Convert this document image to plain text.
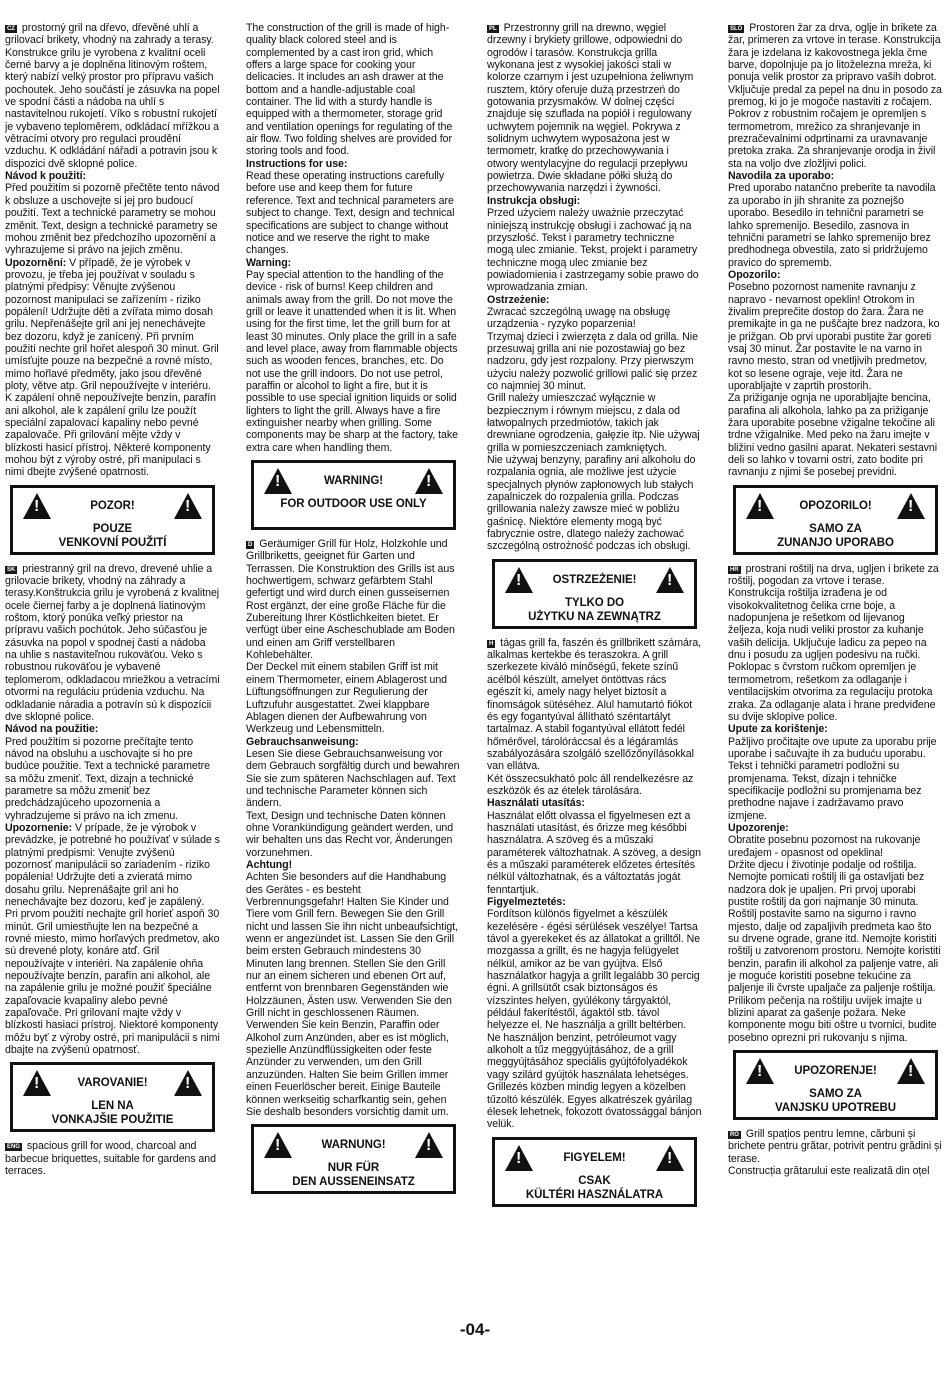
CZ prostorný gril na dřevo, dřevěné uhlí a grilovací brikety, vhodný na zahrady a terasy. Konstrukce grilu je vyrobena z kvalitní oceli černé barvy a je doplněna litinovým roštem, který nabízí velký prostor pro přípravu vašich pochoutek. Jeho součástí je zásuvka na popel ve spodní části a nádoba na uhlí s nastavitelnou rukojetí. Víko s robustní rukojetí je vybaveno teploměrem, odkládací mřížkou a větracími otvory pro regulaci proudění vzduchu. K odkládání nářadí a potravin jsou k dispozici dvě sklopné police.

Návod k použití:

Před použitím si pozorně přečtěte tento návod k obsluze a uschovejte si jej pro budoucí použití. Text a technické parametry se mohou změnit. Text, design a technické parametry se mohou změnit bez předchozího upozornění a vyhrazujeme si právo na jejich změnu.

Upozornění: V případě, že je výrobek v provozu, je třeba jej používat v souladu s platnými předpisy: Věnujte zvýšenou pozornost manipulaci se zařízením - riziko popálení! Udržujte děti a zvířata mimo dosah grilu. Nepřenášejte gril ani jej nenechávejte bez dozoru, když je zanícený. Při prvním použití nechte gril hořet alespoň 30 minut. Gril umísťujte pouze na bezpečné a rovné místo, mimo hořlavé předměty, jako jsou dřevěné ploty, větve atp. Gril nepoužívejte v interiéru. K zapálení ohně nepoužívejte benzín, parafín ani alkohol, ale k zapálení grilu lze použít speciální zapalovací kapaliny nebo pevné zapalovače. Při grilování mějte vždy v blízkosti hasicí přístroj. Některé komponenty mohou být z výroby ostré, při manipulaci s nimi dbejte zvýšené opatrnosti.

!
!
POZOR!
POUZE
VENKOVNÍ POUŽITÍ

SK priestranný gril na drevo, drevené uhlie a grilovacie brikety, vhodný na záhrady a terasy.Konštrukcia grilu je vyrobená z kvalitnej ocele čiernej farby a je doplnená liatinovým roštom, ktorý ponúka veľký priestor na prípravu vašich pochútok. Jeho súčasťou je zásuvka na popol v spodnej časti a nádoba na uhlie s nastaviteľnou rukoväťou. Veko s robustnou rukoväťou je vybavené teplomerom, odkladacou mriežkou a vetracími otvormi na reguláciu prúdenia vzduchu. Na odkladanie náradia a potravín sú k dispozícii dve sklopné police.

Návod na použitie:

Pred použitím si pozorne prečítajte tento návod na obsluhu a uschovajte si ho pre budúce použitie. Text a technické parametre sa môžu zmeniť. Text, dizajn a technické parametre sa môžu zmeniť bez predchádzajúceho upozornenia a vyhradzujeme si právo na ich zmenu.

Upozornenie: V prípade, že je výrobok v prevádzke, je potrebné ho používať v súlade s platnými predpismi: Venujte zvýšenú pozornosť manipulácii so zariadením - riziko popálenia! Udržujte deti a zvieratá mimo dosahu grilu. Neprenášajte gril ani ho nenechávajte bez dozoru, keď je zapálený. Pri prvom použití nechajte gril horieť aspoň 30 minút. Gril umiestňujte len na bezpečné a rovné miesto, mimo horľavých predmetov, ako sú drevené ploty, konáre atď. Gril nepoužívajte v interiéri. Na zapálenie ohňa nepoužívajte benzín, parafín ani alkohol, ale na zapálenie grilu je možné použiť špeciálne zapaľovacie kvapaliny alebo pevné zapaľovače. Pri grilovaní majte vždy v blízkosti hasiaci prístroj. Niektoré komponenty môžu byť z výroby ostré, pri manipulácii s nimi dbajte na zvýšenú opatrnosť.

!
!
VAROVANIE!
LEN NA
VONKAJŠIE POUŽITIE

ENG spacious grill for wood, charcoal and barbecue briquettes, suitable for gardens and terraces.

The construction of the grill is made of high-quality black colored steel and is complemented by a cast iron grid, which offers a large space for cooking your delicacies. It includes an ash drawer at the bottom and a handle-adjustable coal container. The lid with a sturdy handle is equipped with a thermometer, storage grid and ventilation openings for regulating of the air flow. Two folding shelves are provided for storing tools and food.

Instructions for use:

Read these operating instructions carefully before use and keep them for future reference. Text and technical parameters are subject to change. Text, design and technical specifications are subject to change without notice and we reserve the right to make changes.

Warning:

Pay special attention to the handling of the device - risk of burns! Keep children and animals away from the grill. Do not move the grill or leave it unattended when it is lit. When using for the first time, let the grill burn for at least 30 minutes. Only place the grill in a safe and level place, away from flammable objects such as wooden fences, branches, etc. Do not use the grill indoors. Do not use petrol, paraffin or alcohol to light a fire, but it is possible to use special ignition liquids or solid lighters to light the grill. Always have a fire extinguisher nearby when grilling. Some components may be sharp at the factory, take extra care when handling them.

!
!
WARNING!
FOR OUTDOOR USE ONLY

D Geräumiger Grill für Holz, Holzkohle und Grillbriketts, geeignet für Garten und Terrassen. Die Konstruktion des Grills ist aus hochwertigem, schwarz gefärbtem Stahl gefertigt und wird durch einen gusseisernen Rost ergänzt, der eine große Fläche für die Zubereitung Ihrer Köstlichkeiten bietet. Er verfügt über eine Ascheschublade am Boden und einen am Griff verstellbaren Kohlebehälter.

Der Deckel mit einem stabilen Griff ist mit einem Thermometer, einem Ablagerost und Lüftungsöffnungen zur Regulierung der Luftzufuhr ausgestattet. Zwei klappbare Ablagen dienen der Aufbewahrung von Werkzeug und Lebensmitteln.

Gebrauchsanweisung:

Lesen Sie diese Gebrauchsanweisung vor dem Gebrauch sorgfältig durch und bewahren Sie sie zum späteren Nachschlagen auf. Text und technische Parameter können sich ändern.

Text, Design und technische Daten können ohne Vorankündigung geändert werden, und wir behalten uns das Recht vor, Änderungen vorzunehmen.

Achtung!

Achten Sie besonders auf die Handhabung des Gerätes - es besteht Verbrennungsgefahr! Halten Sie Kinder und Tiere vom Grill fern. Bewegen Sie den Grill nicht und lassen Sie ihn nicht unbeaufsichtigt, wenn er angezündet ist. Lassen Sie den Grill beim ersten Gebrauch mindestens 30 Minuten lang brennen. Stellen Sie den Grill nur an einem sicheren und ebenen Ort auf, entfernt von brennbaren Gegenständen wie Holzzäunen, Ästen usw. Verwenden Sie den Grill nicht in geschlossenen Räumen. Verwenden Sie kein Benzin, Paraffin oder Alkohol zum Anzünden, aber es ist möglich, spezielle Anzündflüssigkeiten oder feste Anzünder zu verwenden, um den Grill anzuzünden. Halten Sie beim Grillen immer einen Feuerlöscher bereit. Einige Bauteile können werkseitig scharfkantig sein, gehen Sie deshalb besonders vorsichtig damit um.

!
!
WARNUNG!
NUR FÜR
DEN AUSSENEINSATZ

PL Przestronny grill na drewno, węgiel drzewny i brykiety grillowe, odpowiedni do ogrodów i tarasów. Konstrukcja grilla wykonana jest z wysokiej jakości stali w kolorze czarnym i jest uzupełniona żeliwnym rusztem, który oferuje dużą przestrzeń do gotowania przysmaków. W dolnej części znajduje się szuflada na popiół i regulowany uchwytem pojemnik na węgiel. Pokrywa z solidnym uchwytem wyposażona jest w termometr, kratkę do przechowywania i otwory wentylacyjne do regulacji przepływu powietrza. Dwie składane półki służą do przechowywania narzędzi i żywności.

Instrukcja obsługi:

Przed użyciem należy uważnie przeczytać niniejszą instrukcję obsługi i zachować ją na przyszłość. Tekst i parametry techniczne mogą ulec zmianie. Tekst, projekt i parametry techniczne mogą ulec zmianie bez powiadomienia i zastrzegamy sobie prawo do wprowadzania zmian.

Ostrzeżenie:

Zwracać szczególną uwagę na obsługę urządzenia - ryzyko poparzenia!

Trzymaj dzieci i zwierzęta z dala od grilla. Nie przesuwaj grilla ani nie pozostawiaj go bez nadzoru, gdy jest rozpalony. Przy pierwszym użyciu należy pozwolić grillowi palić się przez co najmniej 30 minut.

Grill należy umieszczać wyłącznie w bezpiecznym i równym miejscu, z dala od łatwopalnych przedmiotów, takich jak drewniane ogrodzenia, gałęzie itp. Nie używaj grilla w pomieszczeniach zamkniętych.

Nie używaj benzyny, parafiny ani alkoholu do rozpalania ognia, ale możliwe jest użycie specjalnych płynów zapłonowych lub stałych zapalniczek do rozpalenia grilla. Podczas grillowania należy zawsze mieć w pobliżu gaśnicę. Niektóre elementy mogą być fabrycznie ostre, dlatego należy zachować szczególną ostrożność podczas ich obsługi.

!
!
OSTRZEŻENIE!
TYLKO DO
UŻYTKU NA ZEWNĄTRZ

H tágas grill fa, faszén és grillbrikett számára, alkalmas kertekbe és teraszokra. A grill szerkezete kiváló minőségű, fekete színű acélból készült, amelyet öntöttvas rács egészít ki, amely nagy helyet biztosít a finomságok sütéséhez. Alul hamutartó fiókot és egy fogantyúval állítható széntartályt tartalmaz. A stabil fogantyúval ellátott fedél hőmérővel, tárolóráccsal és a légáramlás szabályozására szolgáló szellőzőnyílásokkal van ellátva.

Két összecsukható polc áll rendelkezésre az eszközök és az ételek tárolására.

Használati utasítás:

Használat előtt olvassa el figyelmesen ezt a használati utasítást, és őrizze meg későbbi használatra. A szöveg és a műszaki paraméterek változhatnak. A szöveg, a design és a műszaki paraméterek előzetes értesítés nélkül változhatnak, és a változtatás jogát fenntartjuk.

Figyelmeztetés:

Fordítson különös figyelmet a készülék kezelésére - égési sérülések veszélye! Tartsa távol a gyerekeket és az állatokat a grilltől. Ne mozgassa a grillt, és ne hagyja felügyelet nélkül, amikor az be van gyújtva. Első használatkor hagyja a grillt legalább 30 percig égni. A grillsütőt csak biztonságos és vízszintes helyen, gyúlékony tárgyaktól, például fakerítéstől, ágaktól stb. távol helyezze el. Ne használja a grillt beltérben. Ne használjon benzint, petróleumot vagy alkoholt a tűz meggyújtásához, de a grill meggyújtásához speciális gyújtófolyadékok vagy szilárd gyújtók használata lehetséges. Grillezés közben mindig legyen a közelben tűzoltó készülék. Egyes alkatrészek gyárilag élesek lehetnek, fokozott óvatossággal bánjon velük.

!
!
FIGYELEM!
CSAK
KÜLTÉRI HASZNÁLATRA

SLO Prostoren žar za drva, oglje in brikete za žar, primeren za vrtove in terase. Konstrukcija žara je izdelana iz kakovostnega jekla črne barve, dopolnjuje pa jo litoželezna mreža, ki ponuja velik prostor za pripravo vaših dobrot. Vključuje predal za pepel na dnu in posodo za premog, ki jo je mogoče nastaviti z ročajem.

Pokrov z robustnim ročajem je opremljen s termometrom, mrežico za shranjevanje in prezračevalnimi odprtinami za uravnavanje pretoka zraka. Za shranjevanje orodja in živil sta na voljo dve zložljivi polici.

Navodila za uporabo:

Pred uporabo natančno preberite ta navodila za uporabo in jih shranite za poznejšo uporabo. Besedilo in tehnični parametri se lahko spremenijo. Besedilo, zasnova in tehnični parametri se lahko spremenijo brez predhodnega obvestila, zato si pridržujemo pravico do sprememb.

Opozorilo:

Posebno pozornost namenite ravnanju z napravo - nevarnost opeklin! Otrokom in živalim preprečite dostop do žara. Žara ne premikajte in ga ne puščajte brez nadzora, ko je prižgan. Ob prvi uporabi pustite žar goreti vsaj 30 minut. Žar postavite le na varno in ravno mesto, stran od vnetljivih predmetov, kot so lesene ograje, veje itd. Žara ne uporabljajte v zaprtih prostorih.

Za prižiganje ognja ne uporabljajte bencina, parafina ali alkohola, lahko pa za prižiganje žara uporabite posebne vžigalne tekočine ali trdne vžigalnike. Med peko na žaru imejte v bližini vedno gasilni aparat. Nekateri sestavni deli so lahko v tovarni ostri, zato bodite pri ravnanju z njimi še posebej previdni.

!
!
OPOZORILO!
SAMO ZA
ZUNANJO UPORABO

HR prostrani roštilj na drva, ugljen i brikete za roštilj, pogodan za vrtove i terase. Konstrukcija roštilja izrađena je od visokokvalitetnog čelika crne boje, a nadopunjena je rešetkom od lijevanog željeza, koja nudi veliki prostor za kuhanje vaših delicija. Uključuje ladicu za pepeo na dnu i posudu za ugljen podesivu na ručki. Poklopac s čvrstom ručkom opremljen je termometrom, rešetkom za odlaganje i ventilacijskim otvorima za regulaciju protoka zraka. Za odlaganje alata i hrane predviđene su dvije sklopive police.

Upute za korištenje:

Pažljivo pročitajte ove upute za uporabu prije uporabe i sačuvajte ih za buduću uporabu. Tekst i tehnički parametri podložni su promjenama. Tekst, dizajn i tehničke specifikacije podložni su promjenama bez prethodne najave i zadržavamo pravo izmjene.

Upozorenje:

Obratite posebnu pozornost na rukovanje uređajem - opasnost od opeklina!

Držite djecu i životinje podalje od roštilja. Nemojte pomicati roštilj ili ga ostavljati bez nadzora dok je upaljen. Pri prvoj uporabi pustite roštilj da gori najmanje 30 minuta. Roštilj postavite samo na sigurno i ravno mjesto, dalje od zapaljivih predmeta kao što su drvene ograde, grane itd. Nemojte koristiti roštilj u zatvorenom prostoru. Nemojte koristiti benzin, parafin ili alkohol za paljenje vatre, ali je moguće koristiti posebne tekućine za paljenje ili čvrste upaljače za paljenje roštilja. Prilikom pečenja na roštilju uvijek imajte u blizini aparat za gašenje požara. Neke komponente mogu biti oštre u tvornici, budite posebno oprezni pri rukovanju s njima.

!
!
UPOZORENJE!
SAMO ZA
VANJSKU UPOTREBU

RO Grill spațios pentru lemne, cărbuni și brichete pentru grătar, potrivit pentru grădini și terase.

Construcția grătarului este realizată din oțel

-04-
